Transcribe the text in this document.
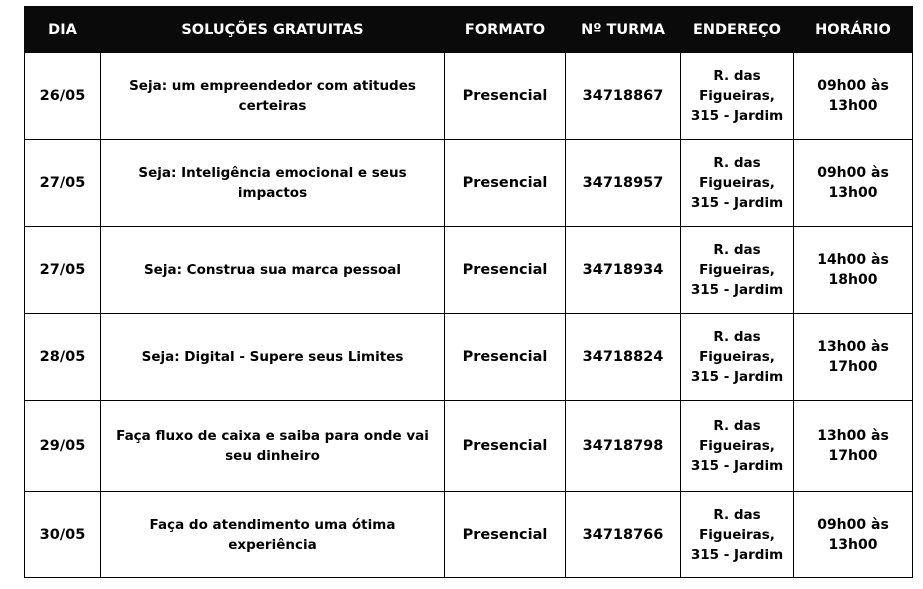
DIA	SOLUÇÕES GRATUITAS	FORMATO	Nº TURMA	ENDEREÇO	HORÁRIO
26/05	Seja: um empreendedor com atitudes certeiras	Presencial	34718867	R. das Figueiras, 315 - Jardim	09h00 às 13h00
27/05	Seja: Inteligência emocional e seus impactos	Presencial	34718957	R. das Figueiras, 315 - Jardim	09h00 às 13h00
27/05	Seja: Construa sua marca pessoal	Presencial	34718934	R. das Figueiras, 315 - Jardim	14h00 às 18h00
28/05	Seja: Digital - Supere seus Limites	Presencial	34718824	R. das Figueiras, 315 - Jardim	13h00 às 17h00
29/05	Faça fluxo de caixa e saiba para onde vai seu dinheiro	Presencial	34718798	R. das Figueiras, 315 - Jardim	13h00 às 17h00
30/05	Faça do atendimento uma ótima experiência	Presencial	34718766	R. das Figueiras, 315 - Jardim	09h00 às 13h00
